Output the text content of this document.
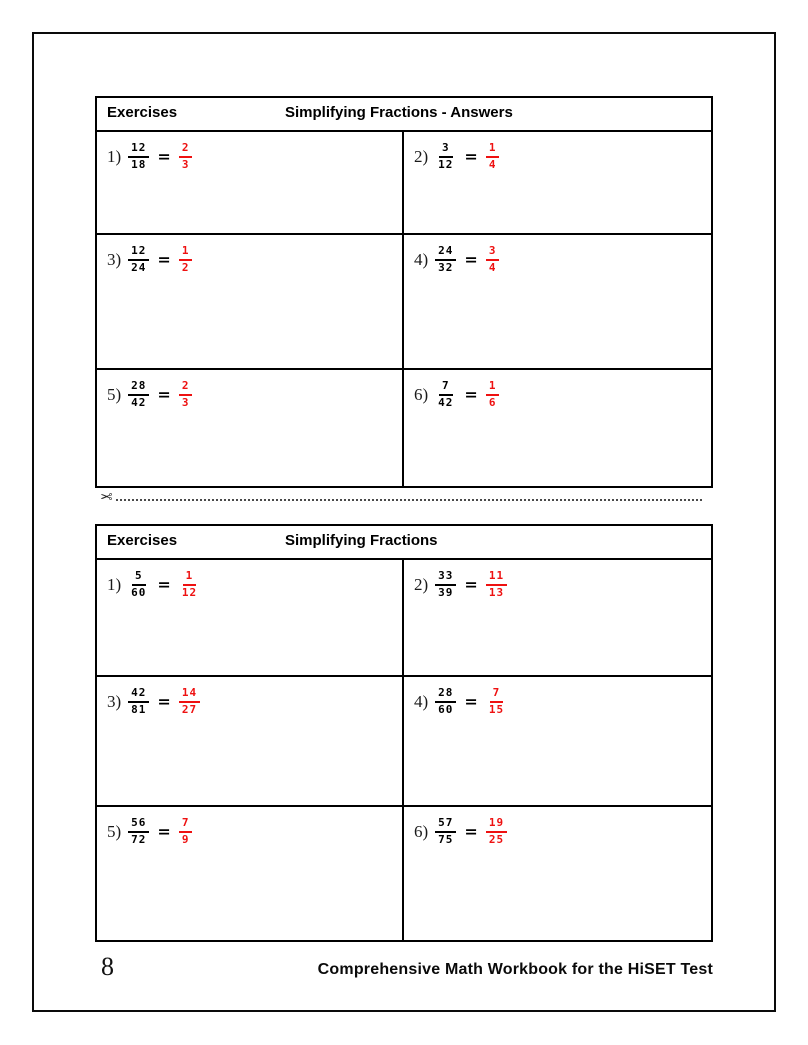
Exercises	Simplifying Fractions - Answers
$1) \frac{12}{18} = \frac{2}{3}$	$2) \frac{3}{12} = \frac{1}{4}$
$3) \frac{12}{24} = \frac{1}{2}$	$4) \frac{24}{32} = \frac{3}{4}$
$5) \frac{28}{42} = \frac{2}{3}$	$6) \frac{7}{42} = \frac{1}{6}$
✂
Exercises	Simplifying Fractions
$1) \frac{5}{60} = \frac{1}{12}$	$2) \frac{33}{39} = \frac{11}{13}$
$3) \frac{42}{81} = \frac{14}{27}$	$4) \frac{28}{60} = \frac{7}{15}$
$5) \frac{56}{72} = \frac{7}{9}$	$6) \frac{57}{75} = \frac{19}{25}$
8	Comprehensive Math Workbook for the HiSET Test
